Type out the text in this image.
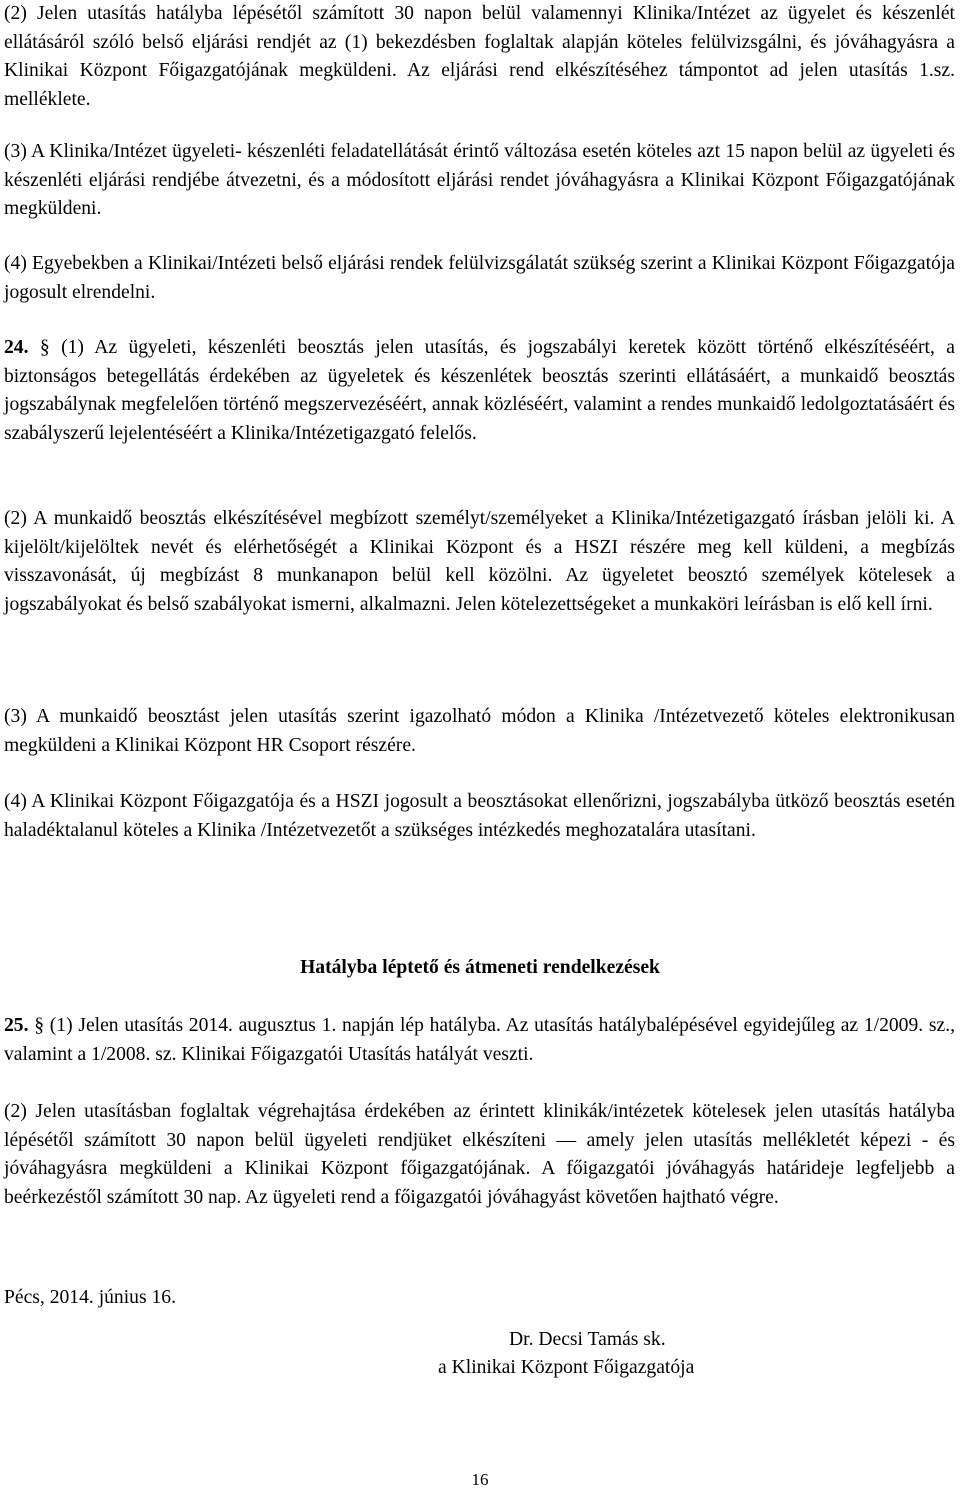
(2) Jelen utasítás hatályba lépésétől számított 30 napon belül valamennyi Klinika/Intézet az ügyelet és készenlét ellátásáról szóló belső eljárási rendjét az (1) bekezdésben foglaltak alapján köteles felülvizsgálni, és jóváhagyásra a Klinikai Központ Főigazgatójának megküldeni. Az eljárási rend elkészítéséhez támpontot ad jelen utasítás 1.sz. melléklete.

(3) A Klinika/Intézet ügyeleti- készenléti feladatellátását érintő változása esetén köteles azt 15 napon belül az ügyeleti és készenléti eljárási rendjébe átvezetni, és a módosított eljárási rendet jóváhagyásra a Klinikai Központ Főigazgatójának megküldeni.

(4) Egyebekben a Klinikai/Intézeti belső eljárási rendek felülvizsgálatát szükség szerint a Klinikai Központ Főigazgatója jogosult elrendelni.

24. § (1) Az ügyeleti, készenléti beosztás jelen utasítás, és jogszabályi keretek között történő elkészítéséért, a biztonságos betegellátás érdekében az ügyeletek és készenlétek beosztás szerinti ellátásáért, a munkaidő beosztás jogszabálynak megfelelően történő megszervezéséért, annak közléséért, valamint a rendes munkaidő ledolgoztatásáért és szabályszerű lejelentéséért a Klinika/Intézetigazgató felelős.

(2) A munkaidő beosztás elkészítésével megbízott személyt/személyeket a Klinika/Intézetigazgató írásban jelöli ki. A kijelölt/kijelöltek nevét és elérhetőségét a Klinikai Központ és a HSZI részére meg kell küldeni, a megbízás visszavonását, új megbízást 8 munkanapon belül kell közölni. Az ügyeletet beosztó személyek kötelesek a jogszabályokat és belső szabályokat ismerni, alkalmazni. Jelen kötelezettségeket a munkaköri leírásban is elő kell írni.

(3) A munkaidő beosztást jelen utasítás szerint igazolható módon a Klinika /Intézetvezető köteles elektronikusan megküldeni a Klinikai Központ HR Csoport részére.

(4) A Klinikai Központ Főigazgatója és a HSZI jogosult a beosztásokat ellenőrizni, jogszabályba ütköző beosztás esetén haladéktalanul köteles a Klinika /Intézetvezetőt a szükséges intézkedés meghozatalára utasítani.

Hatályba léptető és átmeneti rendelkezések

25. § (1) Jelen utasítás 2014. augusztus 1. napján lép hatályba. Az utasítás hatálybalépésével egyidejűleg az 1/2009. sz., valamint a 1/2008. sz. Klinikai Főigazgatói Utasítás hatályát veszti.

(2) Jelen utasításban foglaltak végrehajtása érdekében az érintett klinikák/intézetek kötelesek jelen utasítás hatályba lépésétől számított 30 napon belül ügyeleti rendjüket elkészíteni ― amely jelen utasítás mellékletét képezi - és jóváhagyásra megküldeni a Klinikai Központ főigazgatójának. A főigazgatói jóváhagyás határideje legfeljebb a beérkezéstől számított 30 nap. Az ügyeleti rend a főigazgatói jóváhagyást követően hajtható végre.

Pécs, 2014. június 16.

Dr. Decsi Tamás sk.

a Klinikai Központ Főigazgatója

16
